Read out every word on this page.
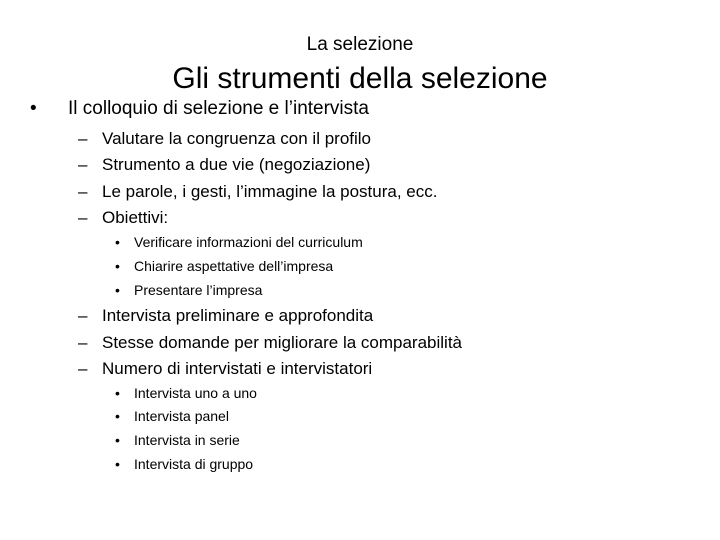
La selezione
Gli strumenti della selezione
• Il colloquio di selezione e l’intervista
– Valutare la congruenza con il profilo
– Strumento a due vie (negoziazione)
– Le parole, i gesti, l’immagine la postura, ecc.
– Obiettivi:
• Verificare informazioni del curriculum
• Chiarire aspettative dell’impresa
• Presentare l’impresa
– Intervista preliminare e approfondita
– Stesse domande per migliorare la comparabilità
– Numero di intervistati e intervistatori
• Intervista uno a uno
• Intervista panel
• Intervista in serie
• Intervista di gruppo
